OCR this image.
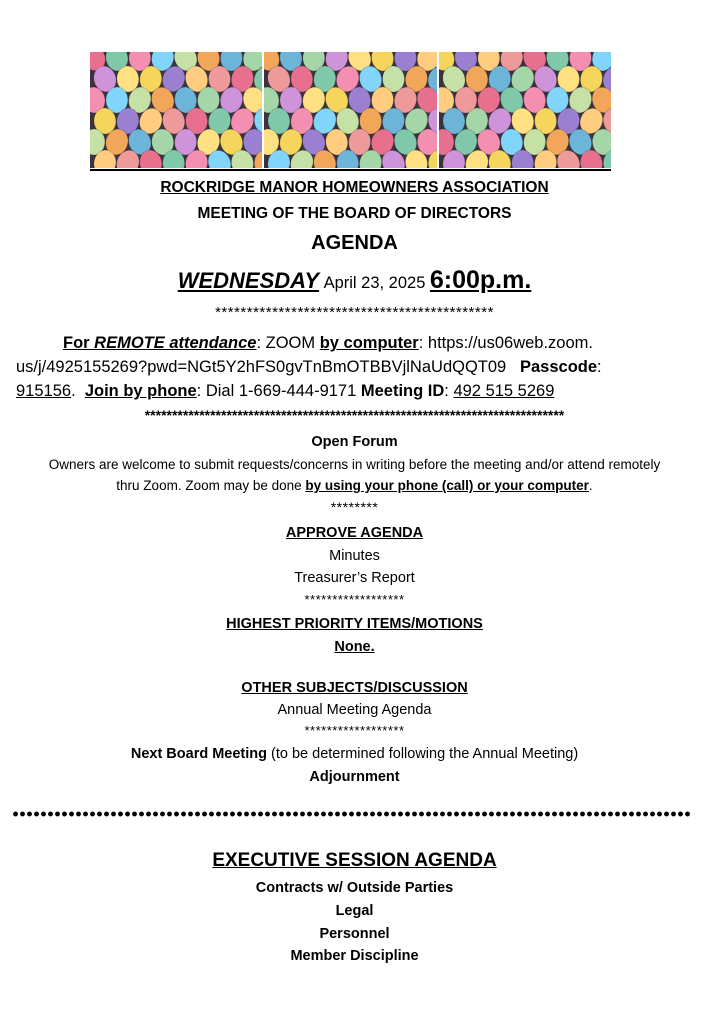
ROCKRIDGE MANOR HOMEOWNERS ASSOCIATION
MEETING OF THE BOARD OF DIRECTORS
AGENDA
WEDNESDAY April 23, 2025 6:00p.m.
********************************************
For REMOTE attendance: ZOOM by computer: https://us06web.zoom.
us/j/4925155269?pwd=NGt5Y2hFS0gvTnBmOTBBVjlNaUdQQT09 Passcode:
915156. Join by phone: Dial 1-669-444-9171 Meeting ID: 492 515 5269
*****************************************************************************
Open Forum
Owners are welcome to submit requests/concerns in writing before the meeting and/or attend remotely
thru Zoom. Zoom may be done by using your phone (call) or your computer.
********
APPROVE AGENDA
Minutes
Treasurer’s Report
******************
HIGHEST PRIORITY ITEMS/MOTIONS
None.
OTHER SUBJECTS/DISCUSSION
Annual Meeting Agenda
******************
Next Board Meeting (to be determined following the Annual Meeting)
Adjournment
EXECUTIVE SESSION AGENDA
Contracts w/ Outside Parties
Legal
Personnel
Member Discipline
